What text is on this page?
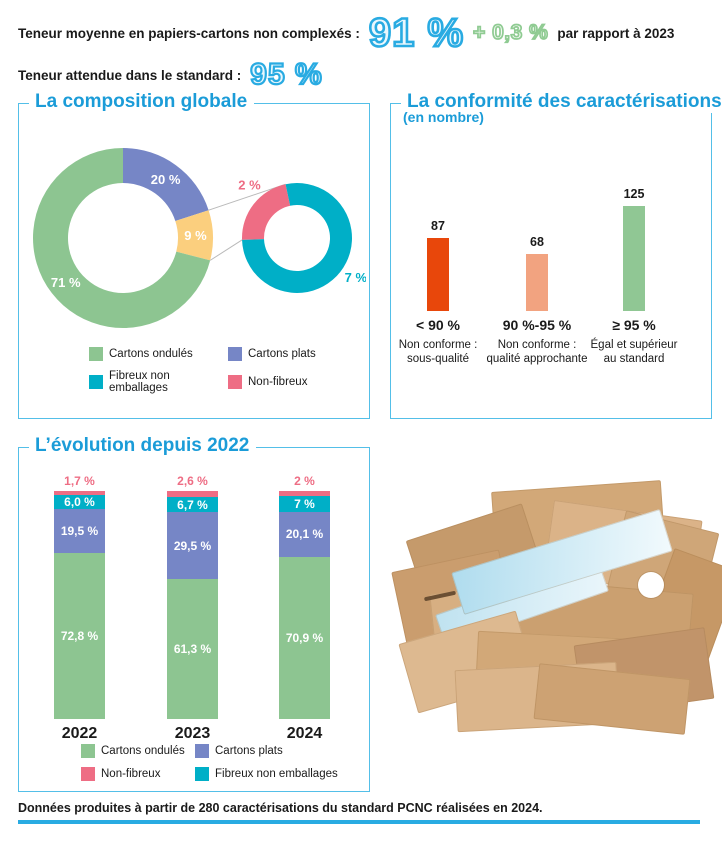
Teneur moyenne en papiers-cartons non complexés : 91 % + 0,3 % par rapport à 2023
Teneur attendue dans le standard : 95 %
La composition globale
20 %
9 %
71 %
2 %
7 %
Cartons ondulés	Cartons plats
Fibreux non emballages	Non-fibreux
La conformité des caractérisations
(en nombre)
87
< 90 %
Non conforme :
sous-qualité
68
90 %-95 %
Non conforme :
qualité approchante
125
≥ 95 %
Égal et supérieur
au standard
L’évolution depuis 2022
6,0 %
19,5 %
72,8 %
1,7 %
2022
6,7 %
29,5 %
61,3 %
2,6 %
2023
7 %
20,1 %
70,9 %
2 %
2024
Cartons ondulés	Cartons plats
Non-fibreux	Fibreux non emballages
Données produites à partir de 280 caractérisations du standard PCNC réalisées en 2024.
